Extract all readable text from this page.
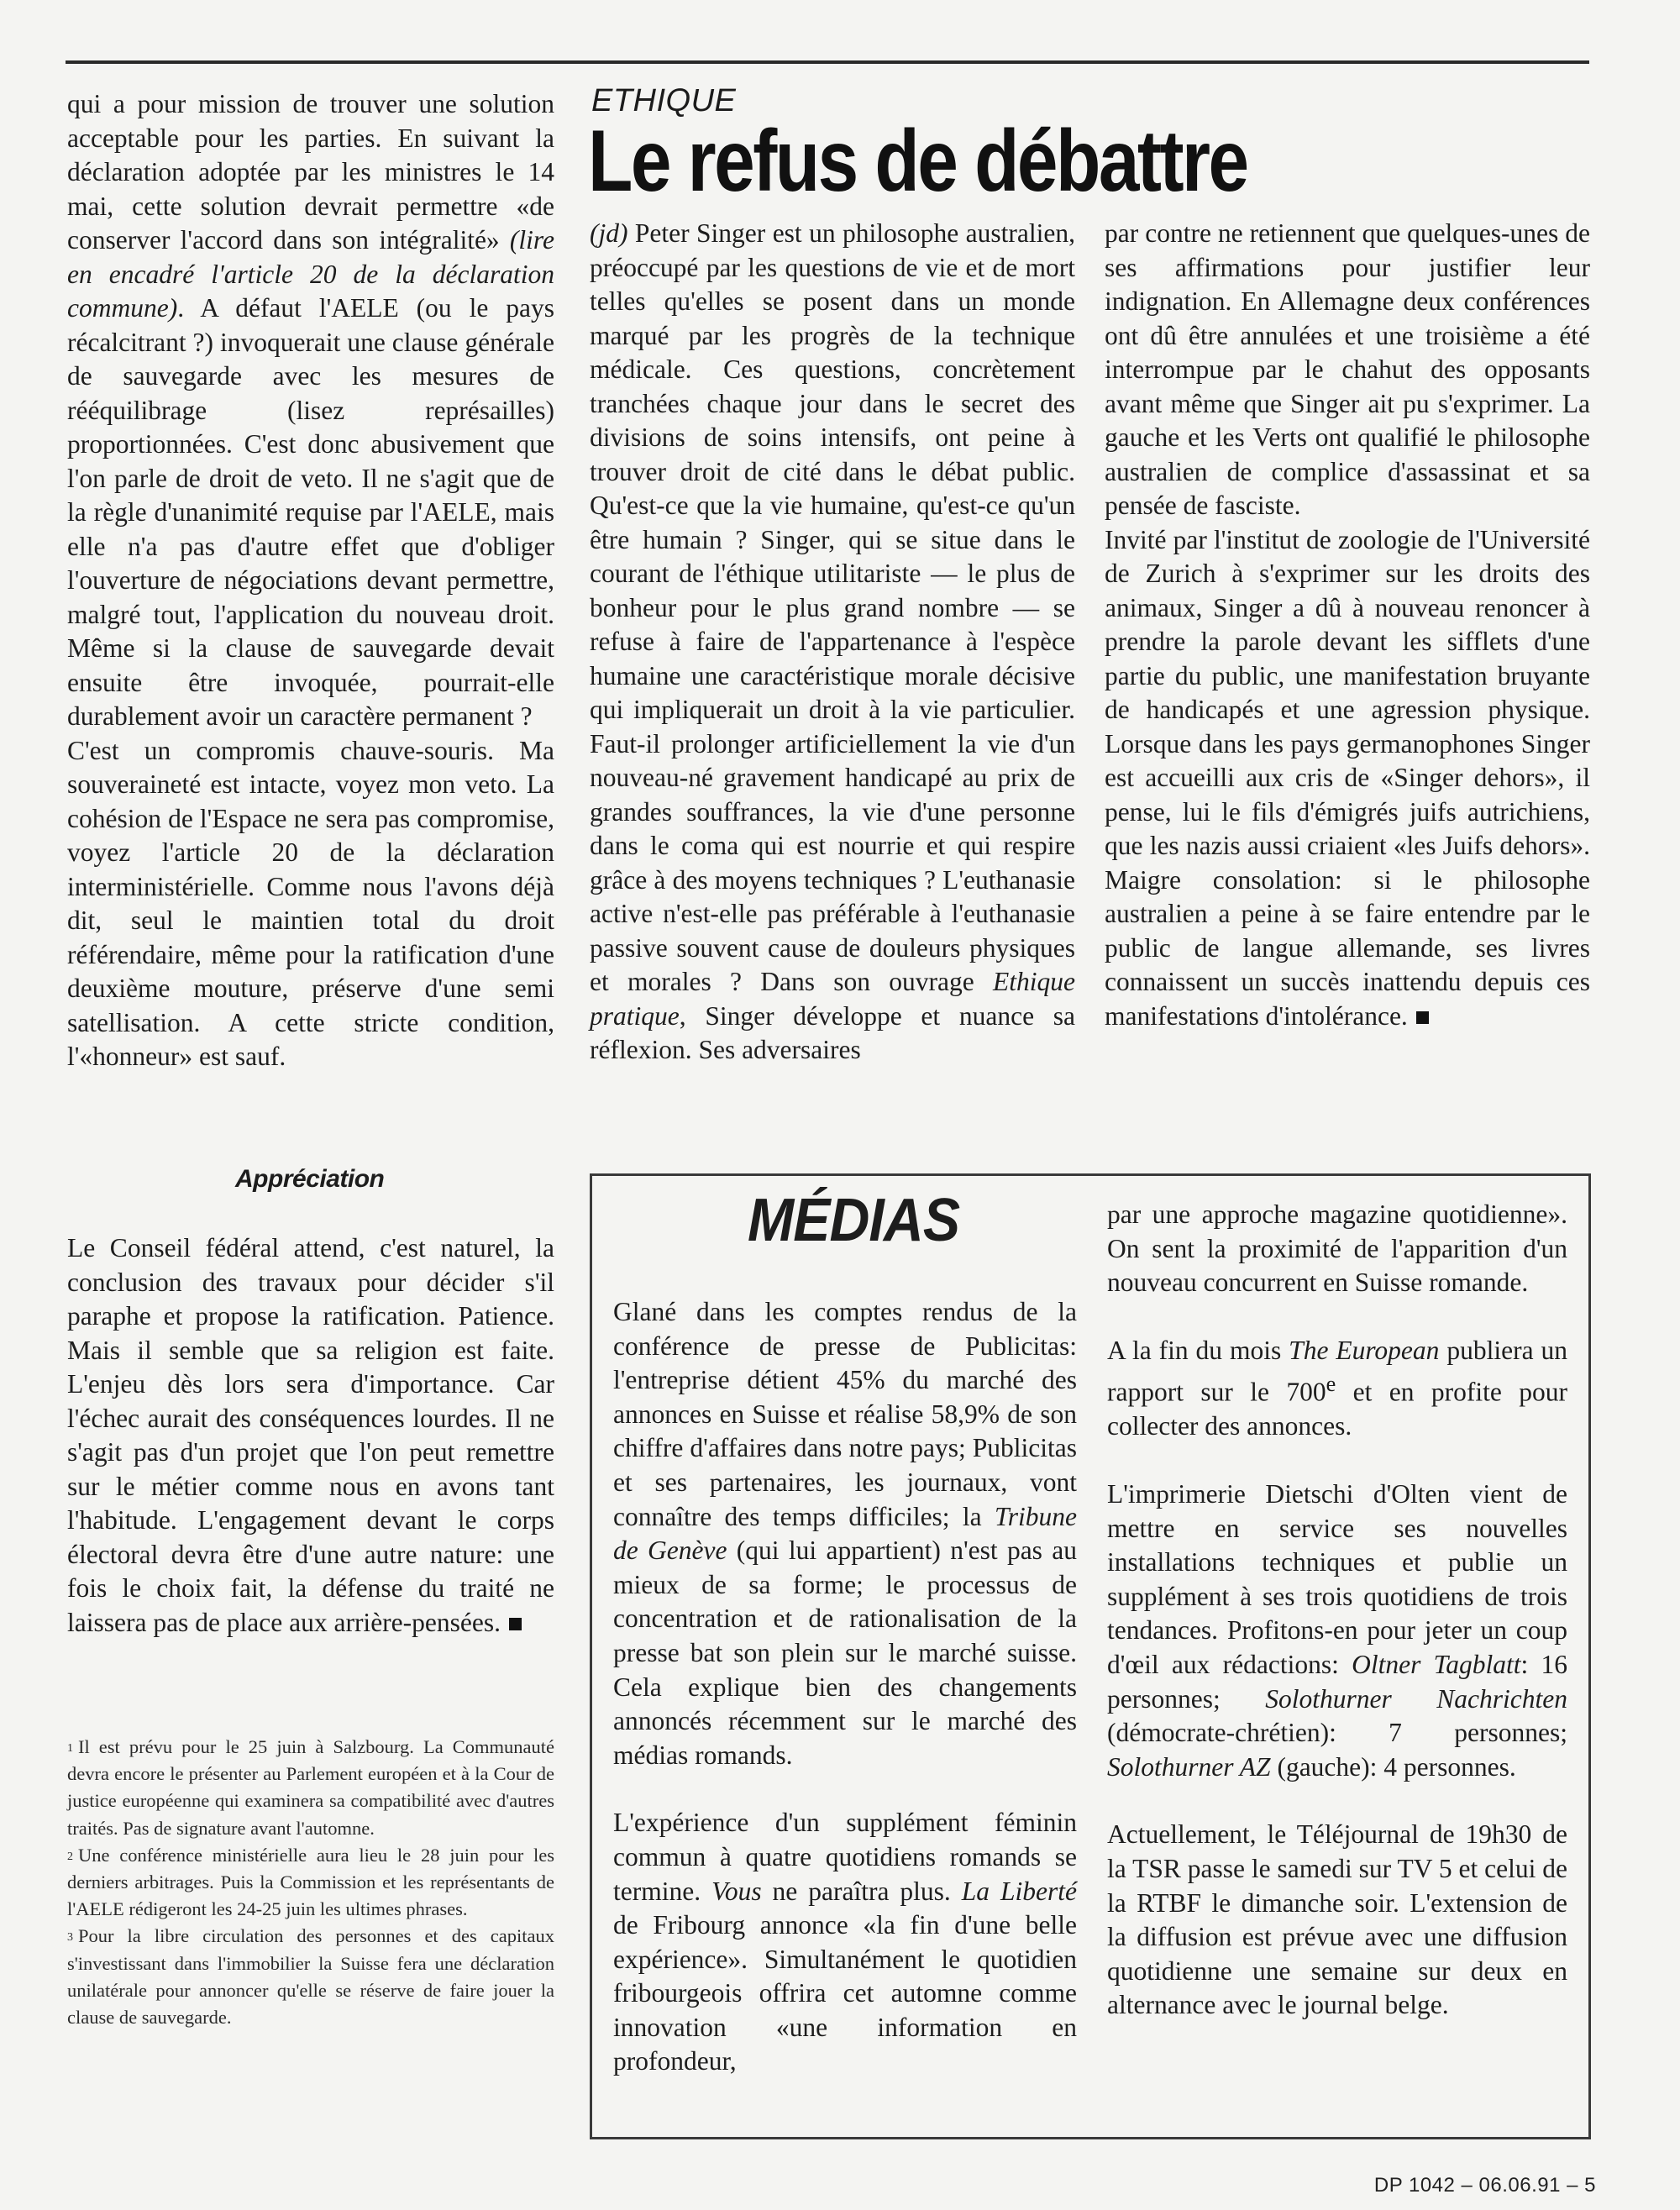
qui a pour mission de trouver une solution acceptable pour les parties. En suivant la déclaration adoptée par les ministres le 14 mai, cette solution devrait permettre «de conserver l'accord dans son intégralité» (lire en encadré l'article 20 de la déclaration commune). A défaut l'AELE (ou le pays récalcitrant ?) invoquerait une clause générale de sauvegarde avec les mesures de rééquilibrage (lisez représailles) proportionnées. C'est donc abusivement que l'on parle de droit de veto. Il ne s'agit que de la règle d'unanimité requise par l'AELE, mais elle n'a pas d'autre effet que d'obliger l'ouverture de négociations devant permettre, malgré tout, l'application du nouveau droit. Même si la clause de sauvegarde devait ensuite être invoquée, pourrait-elle durablement avoir un caractère permanent ?

C'est un compromis chauve-souris. Ma souveraineté est intacte, voyez mon veto. La cohésion de l'Espace ne sera pas compromise, voyez l'article 20 de la déclaration interministérielle. Comme nous l'avons déjà dit, seul le maintien total du droit référendaire, même pour la ratification d'une deuxième mouture, préserve d'une semi satellisation. A cette stricte condition, l'«honneur» est sauf.

Appréciation

Le Conseil fédéral attend, c'est naturel, la conclusion des travaux pour décider s'il paraphe et propose la ratification. Patience. Mais il semble que sa religion est faite. L'enjeu dès lors sera d'importance. Car l'échec aurait des conséquences lourdes. Il ne s'agit pas d'un projet que l'on peut remettre sur le métier comme nous en avons tant l'habitude. L'engagement devant le corps électoral devra être d'une autre nature: une fois le choix fait, la défense du traité ne laissera pas de place aux arrière-pensées.

$^1$ Il est prévu pour le 25 juin à Salzbourg. La Communauté devra encore le présenter au Parlement européen et à la Cour de justice européenne qui examinera sa compatibilité avec d'autres traités. Pas de signature avant l'automne.

$^2$ Une conférence ministérielle aura lieu le 28 juin pour les derniers arbitrages. Puis la Commission et les représentants de l'AELE rédigeront les 24-25 juin les ultimes phrases.

$^3$ Pour la libre circulation des personnes et des capitaux s'investissant dans l'immobilier la Suisse fera une déclaration unilatérale pour annoncer qu'elle se réserve de faire jouer la clause de sauvegarde.

ETHIQUE
Le refus de débattre

(jd) Peter Singer est un philosophe australien, préoccupé par les questions de vie et de mort telles qu'elles se posent dans un monde marqué par les progrès de la technique médicale. Ces questions, concrètement tranchées chaque jour dans le secret des divisions de soins intensifs, ont peine à trouver droit de cité dans le débat public. Qu'est-ce que la vie humaine, qu'est-ce qu'un être humain ? Singer, qui se situe dans le courant de l'éthique utilitariste — le plus de bonheur pour le plus grand nombre — se refuse à faire de l'appartenance à l'espèce humaine une caractéristique morale décisive qui impliquerait un droit à la vie particulier. Faut-il prolonger artificiellement la vie d'un nouveau-né gravement handicapé au prix de grandes souffrances, la vie d'une personne dans le coma qui est nourrie et qui respire grâce à des moyens techniques ? L'euthanasie active n'est-elle pas préférable à l'euthanasie passive souvent cause de douleurs physiques et morales ? Dans son ouvrage Ethique pratique, Singer développe et nuance sa réflexion. Ses adversaires

par contre ne retiennent que quelques-unes de ses affirmations pour justifier leur indignation. En Allemagne deux conférences ont dû être annulées et une troisième a été interrompue par le chahut des opposants avant même que Singer ait pu s'exprimer. La gauche et les Verts ont qualifié le philosophe australien de complice d'assassinat et sa pensée de fasciste.

Invité par l'institut de zoologie de l'Université de Zurich à s'exprimer sur les droits des animaux, Singer a dû à nouveau renoncer à prendre la parole devant les sifflets d'une partie du public, une manifestation bruyante de handicapés et une agression physique. Lorsque dans les pays germanophones Singer est accueilli aux cris de «Singer dehors», il pense, lui le fils d'émigrés juifs autrichiens, que les nazis aussi criaient «les Juifs dehors». Maigre consolation: si le philosophe australien a peine à se faire entendre par le public de langue allemande, ses livres connaissent un succès inattendu depuis ces manifestations d'intolérance.

MÉDIAS

Glané dans les comptes rendus de la conférence de presse de Publicitas: l'entreprise détient 45% du marché des annonces en Suisse et réalise 58,9% de son chiffre d'affaires dans notre pays; Publicitas et ses partenaires, les journaux, vont connaître des temps difficiles; la Tribune de Genève (qui lui appartient) n'est pas au mieux de sa forme; le processus de concentration et de rationalisation de la presse bat son plein sur le marché suisse. Cela explique bien des changements annoncés récemment sur le marché des médias romands.

L'expérience d'un supplément féminin commun à quatre quotidiens romands se termine. Vous ne paraîtra plus. La Liberté de Fribourg annonce «la fin d'une belle expérience». Simultanément le quotidien fribourgeois offrira cet automne comme innovation «une information en profondeur,

par une approche magazine quotidienne». On sent la proximité de l'apparition d'un nouveau concurrent en Suisse romande.

A la fin du mois The European publiera un rapport sur le 700e et en profite pour collecter des annonces.

L'imprimerie Dietschi d'Olten vient de mettre en service ses nouvelles installations techniques et publie un supplément à ses trois quotidiens de trois tendances. Profitons-en pour jeter un coup d'œil aux rédactions: Oltner Tagblatt: 16 personnes; Solothurner Nachrichten (démocrate-chrétien): 7 personnes; Solothurner AZ (gauche): 4 personnes.

Actuellement, le Téléjournal de 19h30 de la TSR passe le samedi sur TV 5 et celui de la RTBF le dimanche soir. L'extension de la diffusion est prévue avec une diffusion quotidienne une semaine sur deux en alternance avec le journal belge.

DP 1042 – 06.06.91 – 5
